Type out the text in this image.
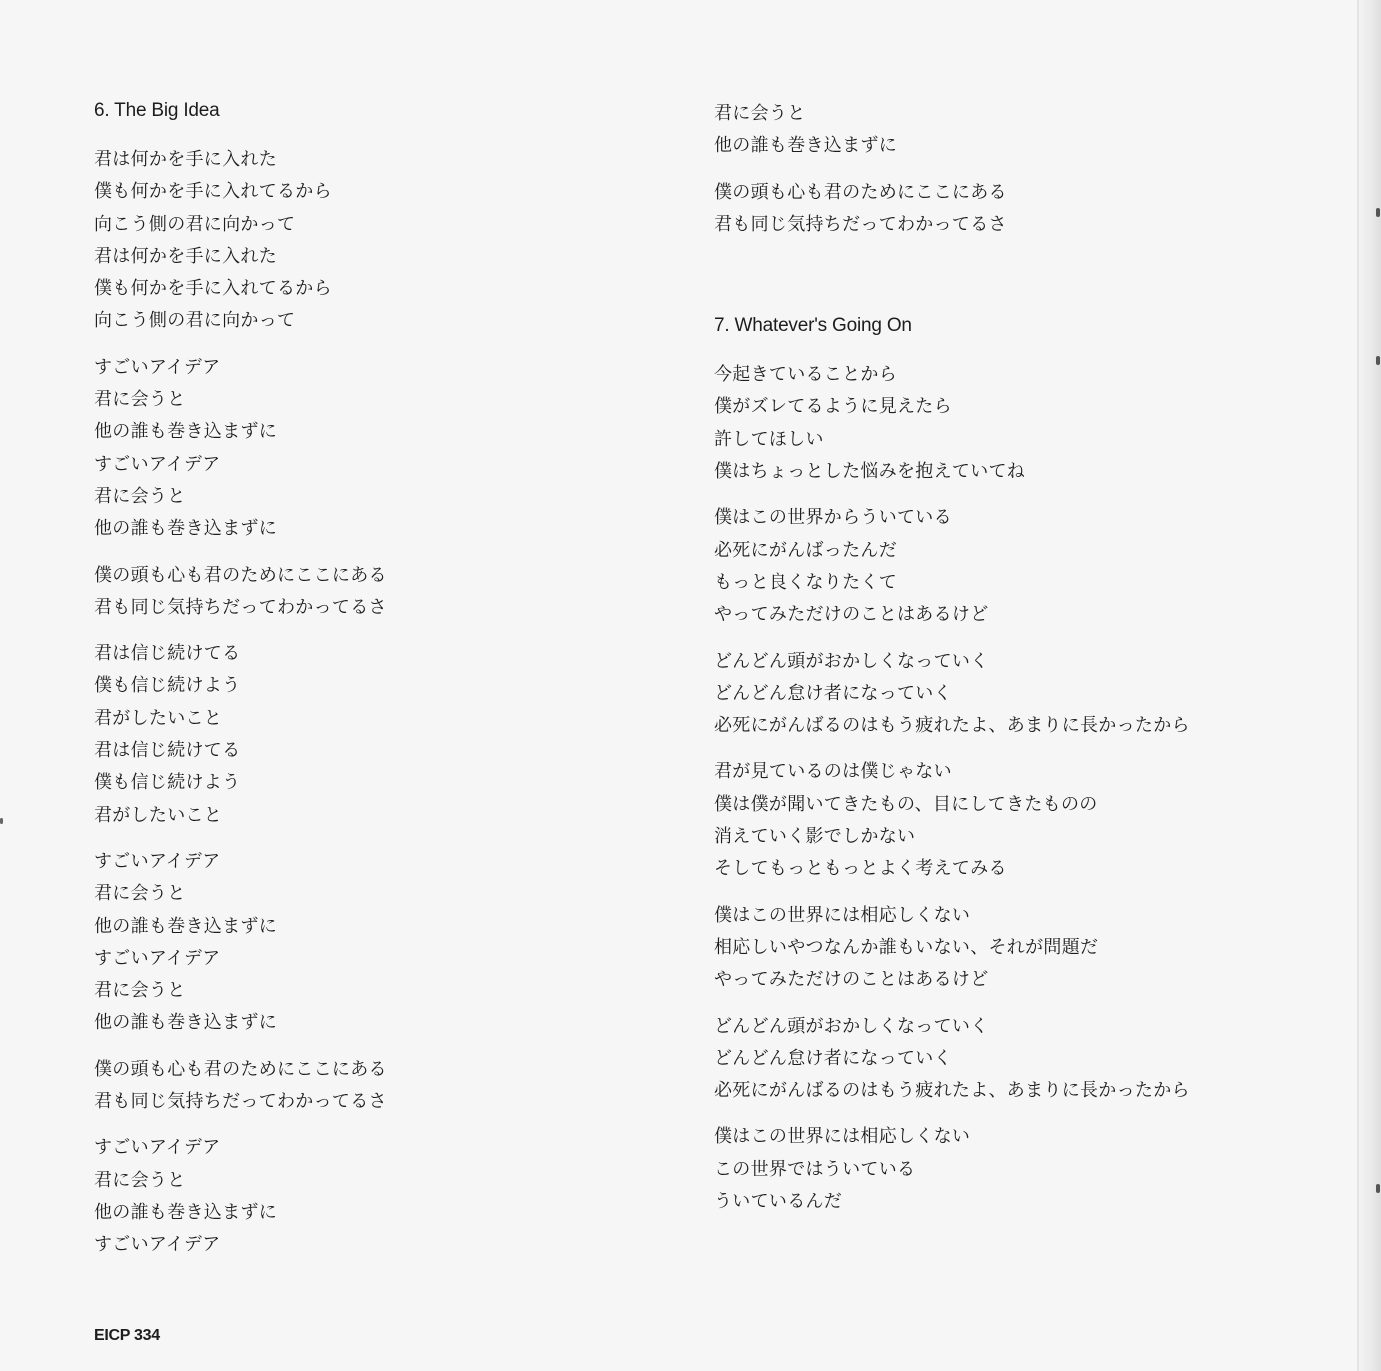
6. The Big Idea
君は何かを手に入れた
僕も何かを手に入れてるから
向こう側の君に向かって
君は何かを手に入れた
僕も何かを手に入れてるから
向こう側の君に向かって
すごいアイデア
君に会うと
他の誰も巻き込まずに
すごいアイデア
君に会うと
他の誰も巻き込まずに
僕の頭も心も君のためにここにある
君も同じ気持ちだってわかってるさ
君は信じ続けてる
僕も信じ続けよう
君がしたいこと
君は信じ続けてる
僕も信じ続けよう
君がしたいこと
すごいアイデア
君に会うと
他の誰も巻き込まずに
すごいアイデア
君に会うと
他の誰も巻き込まずに
僕の頭も心も君のためにここにある
君も同じ気持ちだってわかってるさ
すごいアイデア
君に会うと
他の誰も巻き込まずに
すごいアイデア
君に会うと
他の誰も巻き込まずに
僕の頭も心も君のためにここにある
君も同じ気持ちだってわかってるさ
7. Whatever's Going On
今起きていることから
僕がズレてるように見えたら
許してほしい
僕はちょっとした悩みを抱えていてね
僕はこの世界からういている
必死にがんばったんだ
もっと良くなりたくて
やってみただけのことはあるけど
どんどん頭がおかしくなっていく
どんどん怠け者になっていく
必死にがんばるのはもう疲れたよ、あまりに長かったから
君が見ているのは僕じゃない
僕は僕が聞いてきたもの、目にしてきたものの
消えていく影でしかない
そしてもっともっとよく考えてみる
僕はこの世界には相応しくない
相応しいやつなんか誰もいない、それが問題だ
やってみただけのことはあるけど
どんどん頭がおかしくなっていく
どんどん怠け者になっていく
必死にがんばるのはもう疲れたよ、あまりに長かったから
僕はこの世界には相応しくない
この世界ではういている
ういているんだ
EICP 334
